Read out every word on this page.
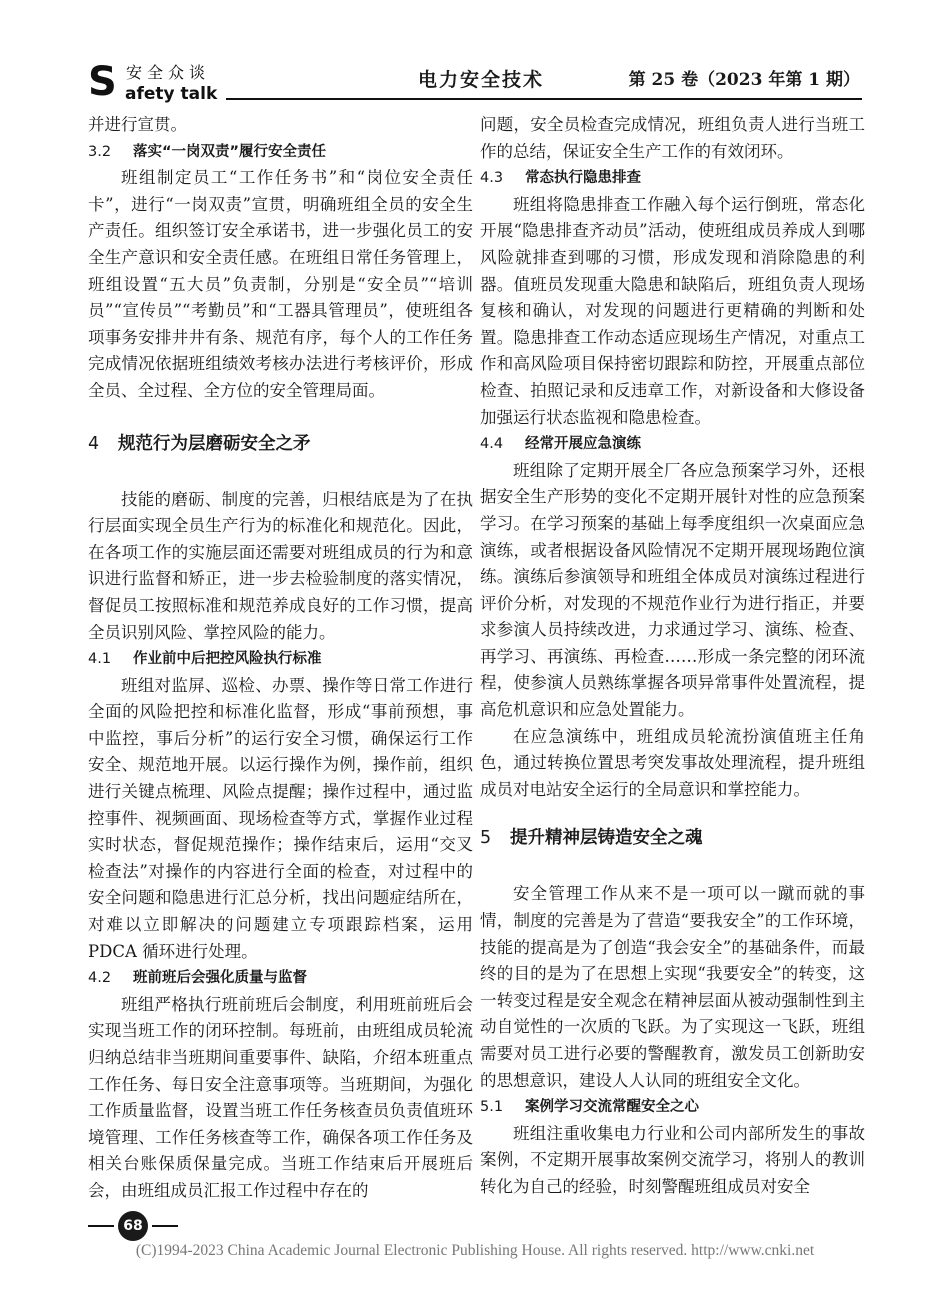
S 安全众谈
afety talk
电力安全技术	第 25 卷（2023 年第 1 期）

并进行宣贯。

3.2 落实“一岗双责”履行安全责任

班组制定员工“工作任务书”和“岗位安全责任卡”，进行“一岗双责”宣贯，明确班组全员的安全生产责任。组织签订安全承诺书，进一步强化员工的安全生产意识和安全责任感。在班组日常任务管理上，班组设置“五大员”负责制，分别是“安全员”“培训员”“宣传员”“考勤员”和“工器具管理员”，使班组各项事务安排井井有条、规范有序，每个人的工作任务完成情况依据班组绩效考核办法进行考核评价，形成全员、全过程、全方位的安全管理局面。

4 规范行为层磨砺安全之矛

技能的磨砺、制度的完善，归根结底是为了在执行层面实现全员生产行为的标准化和规范化。因此，在各项工作的实施层面还需要对班组成员的行为和意识进行监督和矫正，进一步去检验制度的落实情况，督促员工按照标准和规范养成良好的工作习惯，提高全员识别风险、掌控风险的能力。

4.1 作业前中后把控风险执行标准

班组对监屏、巡检、办票、操作等日常工作进行全面的风险把控和标准化监督，形成“事前预想，事中监控，事后分析”的运行安全习惯，确保运行工作安全、规范地开展。以运行操作为例，操作前，组织进行关键点梳理、风险点提醒；操作过程中，通过监控事件、视频画面、现场检查等方式，掌握作业过程实时状态，督促规范操作；操作结束后，运用“交叉检查法”对操作的内容进行全面的检查，对过程中的安全问题和隐患进行汇总分析，找出问题症结所在，对难以立即解决的问题建立专项跟踪档案，运用 PDCA 循环进行处理。

4.2 班前班后会强化质量与监督

班组严格执行班前班后会制度，利用班前班后会实现当班工作的闭环控制。每班前，由班组成员轮流归纳总结非当班期间重要事件、缺陷，介绍本班重点工作任务、每日安全注意事项等。当班期间，为强化工作质量监督，设置当班工作任务核查员负责值班环境管理、工作任务核查等工作，确保各项工作任务及相关台账保质保量完成。当班工作结束后开展班后会，由班组成员汇报工作过程中存在的

问题，安全员检查完成情况，班组负责人进行当班工作的总结，保证安全生产工作的有效闭环。

4.3 常态执行隐患排查

班组将隐患排查工作融入每个运行倒班，常态化开展“隐患排查齐动员”活动，使班组成员养成人到哪风险就排查到哪的习惯，形成发现和消除隐患的利器。值班员发现重大隐患和缺陷后，班组负责人现场复核和确认，对发现的问题进行更精确的判断和处置。隐患排查工作动态适应现场生产情况，对重点工作和高风险项目保持密切跟踪和防控，开展重点部位检查、拍照记录和反违章工作，对新设备和大修设备加强运行状态监视和隐患检查。

4.4 经常开展应急演练

班组除了定期开展全厂各应急预案学习外，还根据安全生产形势的变化不定期开展针对性的应急预案学习。在学习预案的基础上每季度组织一次桌面应急演练，或者根据设备风险情况不定期开展现场跑位演练。演练后参演领导和班组全体成员对演练过程进行评价分析，对发现的不规范作业行为进行指正，并要求参演人员持续改进，力求通过学习、演练、检查、再学习、再演练、再检查……形成一条完整的闭环流程，使参演人员熟练掌握各项异常事件处置流程，提高危机意识和应急处置能力。

在应急演练中，班组成员轮流扮演值班主任角色，通过转换位置思考突发事故处理流程，提升班组成员对电站安全运行的全局意识和掌控能力。

5 提升精神层铸造安全之魂

安全管理工作从来不是一项可以一蹴而就的事情，制度的完善是为了营造“要我安全”的工作环境，技能的提高是为了创造“我会安全”的基础条件，而最终的目的是为了在思想上实现“我要安全”的转变，这一转变过程是安全观念在精神层面从被动强制性到主动自觉性的一次质的飞跃。为了实现这一飞跃，班组需要对员工进行必要的警醒教育，激发员工创新助安的思想意识，建设人人认同的班组安全文化。

5.1 案例学习交流常醒安全之心

班组注重收集电力行业和公司内部所发生的事故案例，不定期开展事故案例交流学习，将别人的教训转化为自己的经验，时刻警醒班组成员对安全

68
(C)1994-2023 China Academic Journal Electronic Publishing House. All rights reserved. http://www.cnki.net
